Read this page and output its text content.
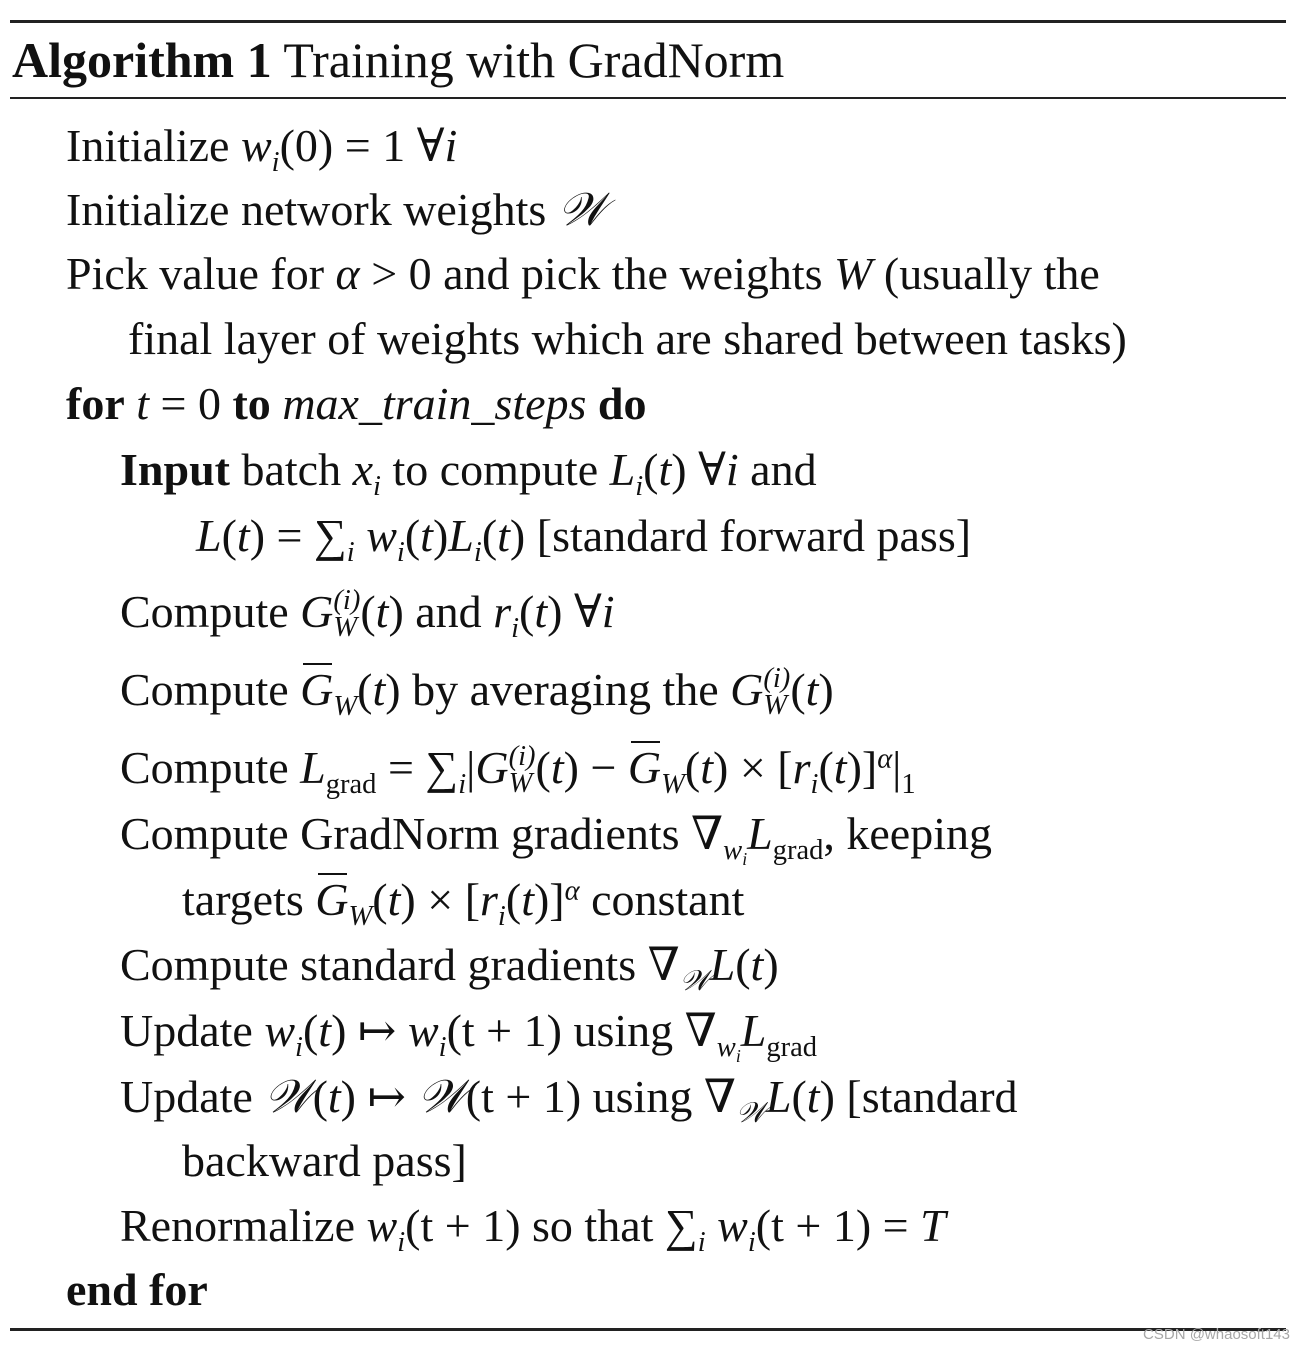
Algorithm 1 Training with GradNorm
Initialize $w_i(0) = 1$ ∀i
Initialize network weights 𝒲
Pick value for α > 0 and pick the weights W (usually the
final layer of weights which are shared between tasks)
for t = 0 to max_train_steps do
Input batch $x_i$ to compute $L_i(t)$ ∀i and
$L(t) = \sum_i$ $w_i(t)L_i(t)$ [standard forward pass]
Compute G (i)
W (t) and $r_i(t)$ ∀i
Compute $G_W(t)$ by averaging the G (i)
W (t)
Compute $L_{grad} = \sum_i|G$ (i)
W $(t) - G_W(t) \times [r_i(t)]^\alpha|_1$
Compute GradNorm gradients $\nabla_{w_i}L_{grad}$, keeping
targets $G_W(t) \times [r_i(t)]^\alpha$ constant
Compute standard gradients $\nabla_𝒲L(t)$
Update $w_i(t)$ ↦ $w_i(t + 1)$ using $\nabla_{w_i}L_{grad}$
Update 𝒲(t) ↦ 𝒲(t + 1) using $\nabla_𝒲L(t)$ [standard
backward pass]
Renormalize $w_i(t + 1)$ so that $\sum_i$ $w_i(t + 1) = T$
end for
CSDN @whaosoft143
